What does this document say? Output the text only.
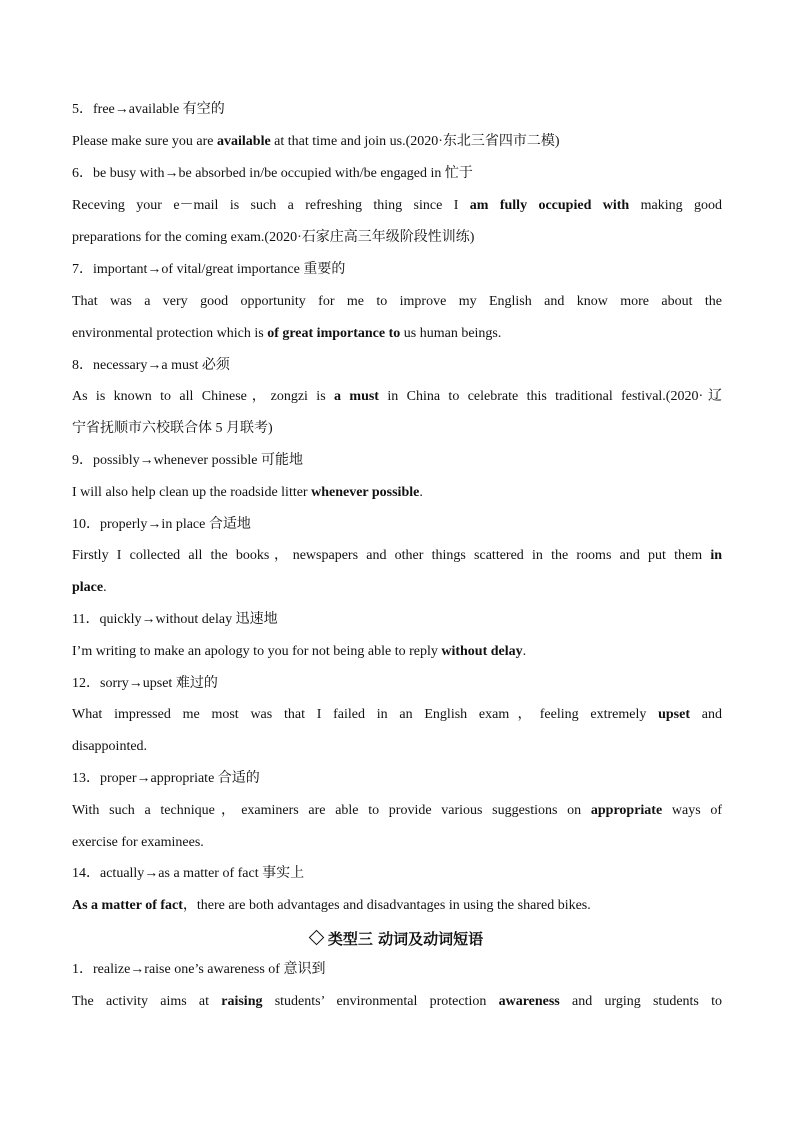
5．free→available 有空的
Please make sure you are available at that time and join us.(2020·东北三省四市二模)
6．be busy with→be absorbed in/be occupied with/be engaged in 忙于
Receving your e－mail is such a refreshing thing since I am fully occupied with making good
preparations for the coming exam.(2020·石家庄高三年级阶段性训练)
7．important→of vital/great importance 重要的
That was a very good opportunity for me to improve my English and know more about the
environmental protection which is of great importance to us human beings.
8．necessary→a must 必须
As is known to all Chinese，zongzi is a must in China to celebrate this traditional festival.(2020·辽
宁省抚顺市六校联合体 5 月联考)
9．possibly→whenever possible 可能地
I will also help clean up the roadside litter whenever possible.
10．properly→in place 合适地
Firstly I collected all the books，newspapers and other things scattered in the rooms and put them in
place.
11．quickly→without delay 迅速地
I’m writing to make an apology to you for not being able to reply without delay.
12．sorry→upset 难过的
What impressed me most was that I failed in an English exam，feeling extremely upset and
disappointed.
13．proper→appropriate 合适的
With such a technique，examiners are able to provide various suggestions on appropriate ways of
exercise for examinees.
14．actually→as a matter of fact 事实上
As a matter of fact，there are both advantages and disadvantages in using the shared bikes.
类型三 动词及动词短语
1．realize→raise one’s awareness of 意识到
The activity aims at raising students’ environmental protection awareness and urging students to
